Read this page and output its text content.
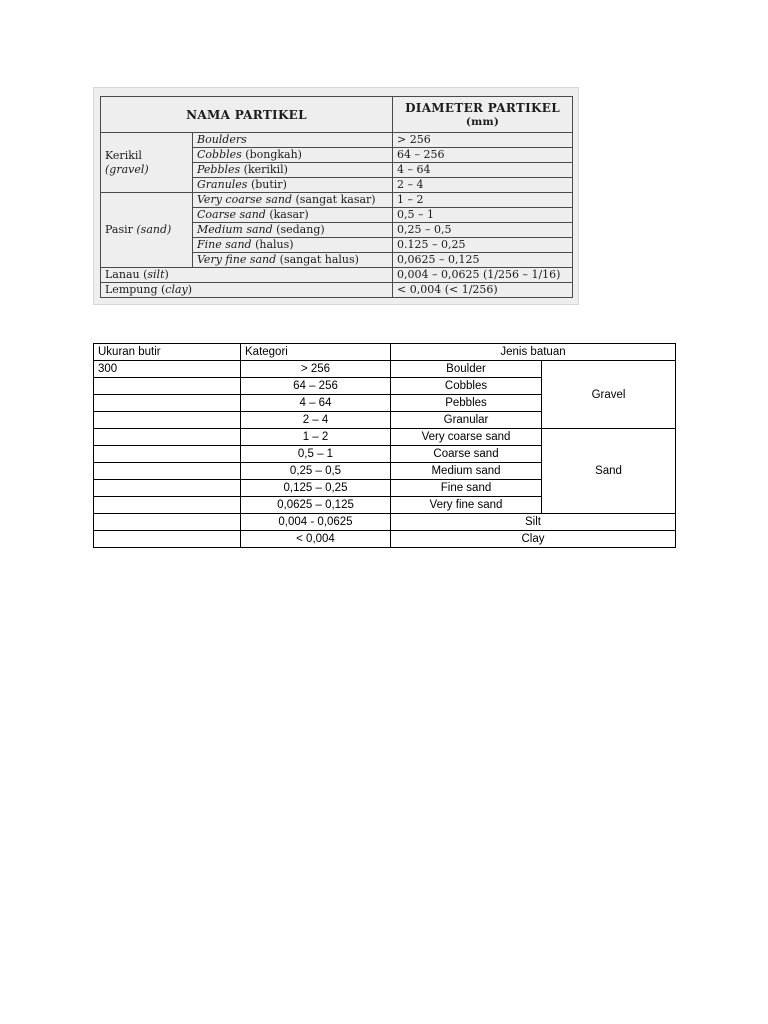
NAMA PARTIKEL		DIAMETER PARTIKEL
(mm)

Kerikil
(gravel)	Boulders	> 256
	Cobbles (bongkah)	64 – 256
	Pebbles (kerikil)	4 – 64
	Granules (butir)	2 – 4
Pasir (sand)	Very coarse sand (sangat kasar)	1 – 2
	Coarse sand (kasar)	0,5 – 1
	Medium sand (sedang)	0,25 – 0,5
	Fine sand (halus)	0.125 – 0,25
	Very fine sand (sangat halus)	0,0625 – 0,125
Lanau (silt)		0,004 – 0,0625 (1/256 – 1/16)
Lempung (clay)		< 0,004 (< 1/256)
Ukuran butir	Kategori	Jenis batuan	
300	> 256	Boulder	Gravel
	64 – 256	Cobbles	
	4 – 64	Pebbles	
	2 – 4	Granular	
	1 – 2	Very coarse sand	Sand
	0,5 – 1	Coarse sand	
	0,25 – 0,5	Medium sand	
	0,125 – 0,25	Fine sand	
	0,0625 – 0,125	Very fine sand	
	0,004 - 0,0625	Silt	
	< 0,004	Clay	
